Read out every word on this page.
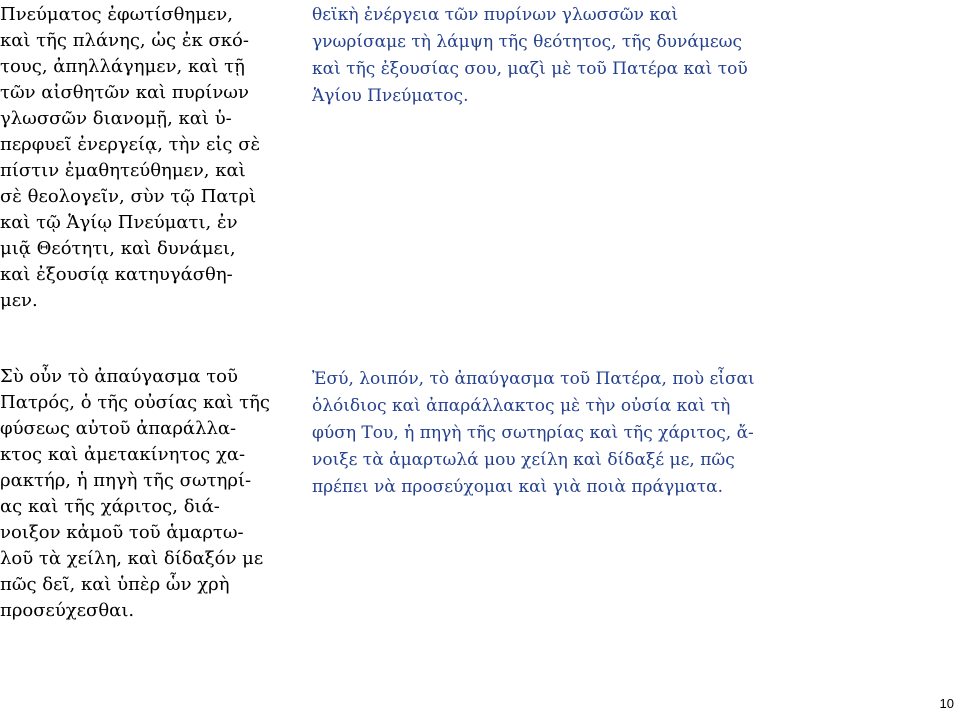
Πνεύματος ἐφωτίσθημεν,
καὶ τῆς πλάνης, ὡς ἐκ σκό-
τους, ἀπηλλάγημεν, καὶ τῇ
τῶν αἰσθητῶν καὶ πυρίνων
γλωσσῶν διανομῇ, καὶ ὑ-
περφυεῖ ἐνεργείᾳ, τὴν εἰς σὲ
πίστιν ἐμαθητεύθημεν, καὶ
σὲ θεολογεῖν, σὺν τῷ Πατρὶ
καὶ τῷ Ἁγίῳ Πνεύματι, ἐν
μιᾷ Θεότητι, καὶ δυνάμει,
καὶ ἐξουσίᾳ κατηυγάσθη-
μεν.
θεϊκὴ ἐνέργεια τῶν πυρίνων γλωσσῶν καὶ
γνωρίσαμε τὴ λάμψη τῆς θεότητος, τῆς δυνάμεως
καὶ τῆς ἐξουσίας σου, μαζὶ μὲ τοῦ Πατέρα καὶ τοῦ
Ἁγίου Πνεύματος.
Σὺ οὖν τὸ ἀπαύγασμα τοῦ
Πατρός, ὁ τῆς οὐσίας καὶ τῆς
φύσεως αὐτοῦ ἀπαράλλα-
κτος καὶ ἀμετακίνητος χα-
ρακτήρ, ἡ πηγὴ τῆς σωτηρί-
ας καὶ τῆς χάριτος, διά-
νοιξον κἀμοῦ τοῦ ἁμαρτω-
λοῦ τὰ χείλη, καὶ δίδαξόν με
πῶς δεῖ, καὶ ὑπὲρ ὧν χρὴ
προσεύχεσθαι.
Ἐσύ, λοιπόν, τὸ ἀπαύγασμα τοῦ Πατέρα, ποὺ εἶσαι
ὁλόιδιος καὶ ἀπαράλλακτος μὲ τὴν οὐσία καὶ τὴ
φύση Του, ἡ πηγὴ τῆς σωτηρίας καὶ τῆς χάριτος, ἄ-
νοιξε τὰ ἁμαρτωλά μου χείλη καὶ δίδαξέ με, πῶς
πρέπει νὰ προσεύχομαι καὶ γιὰ ποιὰ πράγματα.
10
